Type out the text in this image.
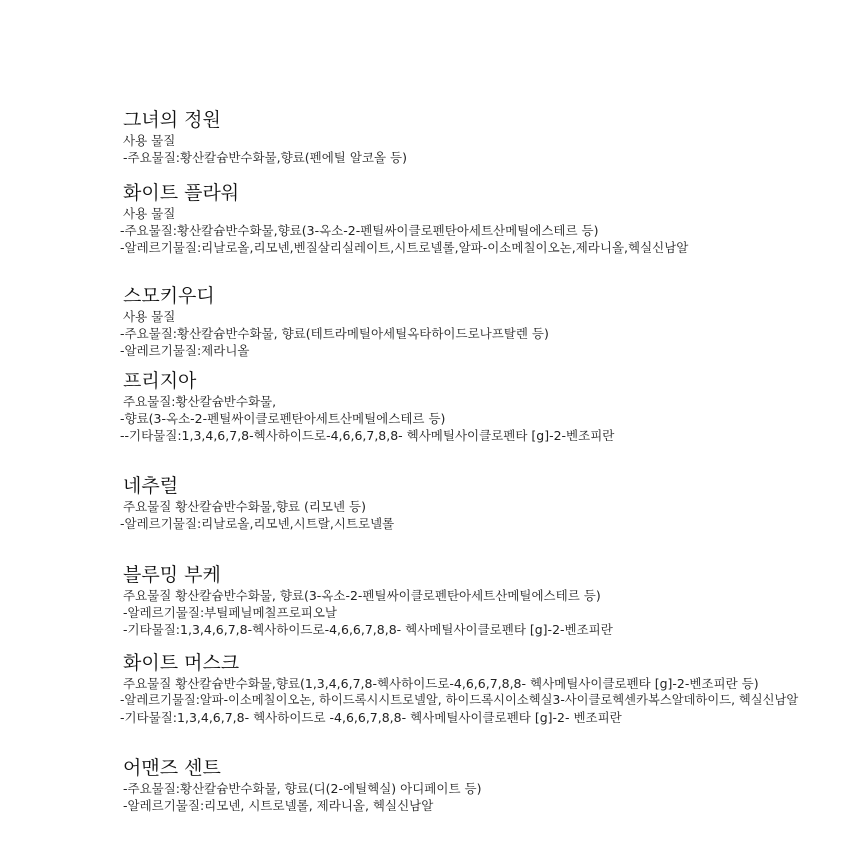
그녀의 정원
사용 물질
-주요물질:황산칼슘반수화물,향료(펜에틸 알코올 등)
화이트 플라워
사용 물질
-주요물질:황산칼슘반수화물,향료(3-옥소-2-펜틸싸이클로펜탄아세트산메틸에스테르 등)
-알레르기물질:리날로올,리모넨,벤질살리실레이트,시트로넬롤,알파-이소메칠이오논,제라니올,헥실신남알
스모키우디
사용 물질
-주요물질:황산칼슘반수화물, 향료(테트라메틸아세틸옥타하이드로나프탈렌 등)
-알레르기물질:제라니올
프리지아
주요물질:황산칼슘반수화물,
-향료(3-옥소-2-펜틸싸이클로펜탄아세트산메틸에스테르 등)
--기타물질:1,3,4,6,7,8-헥사하이드로-4,6,6,7,8,8- 헥사메틸사이클로펜타 [g]-2-벤조피란
네추럴
주요물질 황산칼슘반수화물,향료 (리모넨 등)
-알레르기물질:리날로올,리모넨,시트랄,시트로넬롤
블루밍 부케
주요물질 황산칼슘반수화물, 향료(3-옥소-2-펜틸싸이클로펜탄아세트산메틸에스테르 등)
-알레르기물질:부틸페닐메칠프로피오날
-기타물질:1,3,4,6,7,8-헥사하이드로-4,6,6,7,8,8- 헥사메틸사이클로펜타 [g]-2-벤조피란
화이트 머스크
주요물질 황산칼슘반수화물,향료(1,3,4,6,7,8-헥사하이드로-4,6,6,7,8,8- 헥사메틸사이클로펜타 [g]-2-벤조피란 등)
-알레르기물질:알파-이소메칠이오논, 하이드록시시트로넬알, 하이드록시이소헥실3-사이클로헥센카복스알데하이드, 헥실신남알
-기타물질:1,3,4,6,7,8- 헥사하이드로 -4,6,6,7,8,8- 헥사메틸사이클로펜타 [g]-2- 벤조피란
어맨즈 센트
-주요물질:황산칼슘반수화물, 향료(디(2-에틸헥실) 아디페이트 등)
-알레르기물질:리모넨, 시트로넬롤, 제라니올, 헥실신남알
